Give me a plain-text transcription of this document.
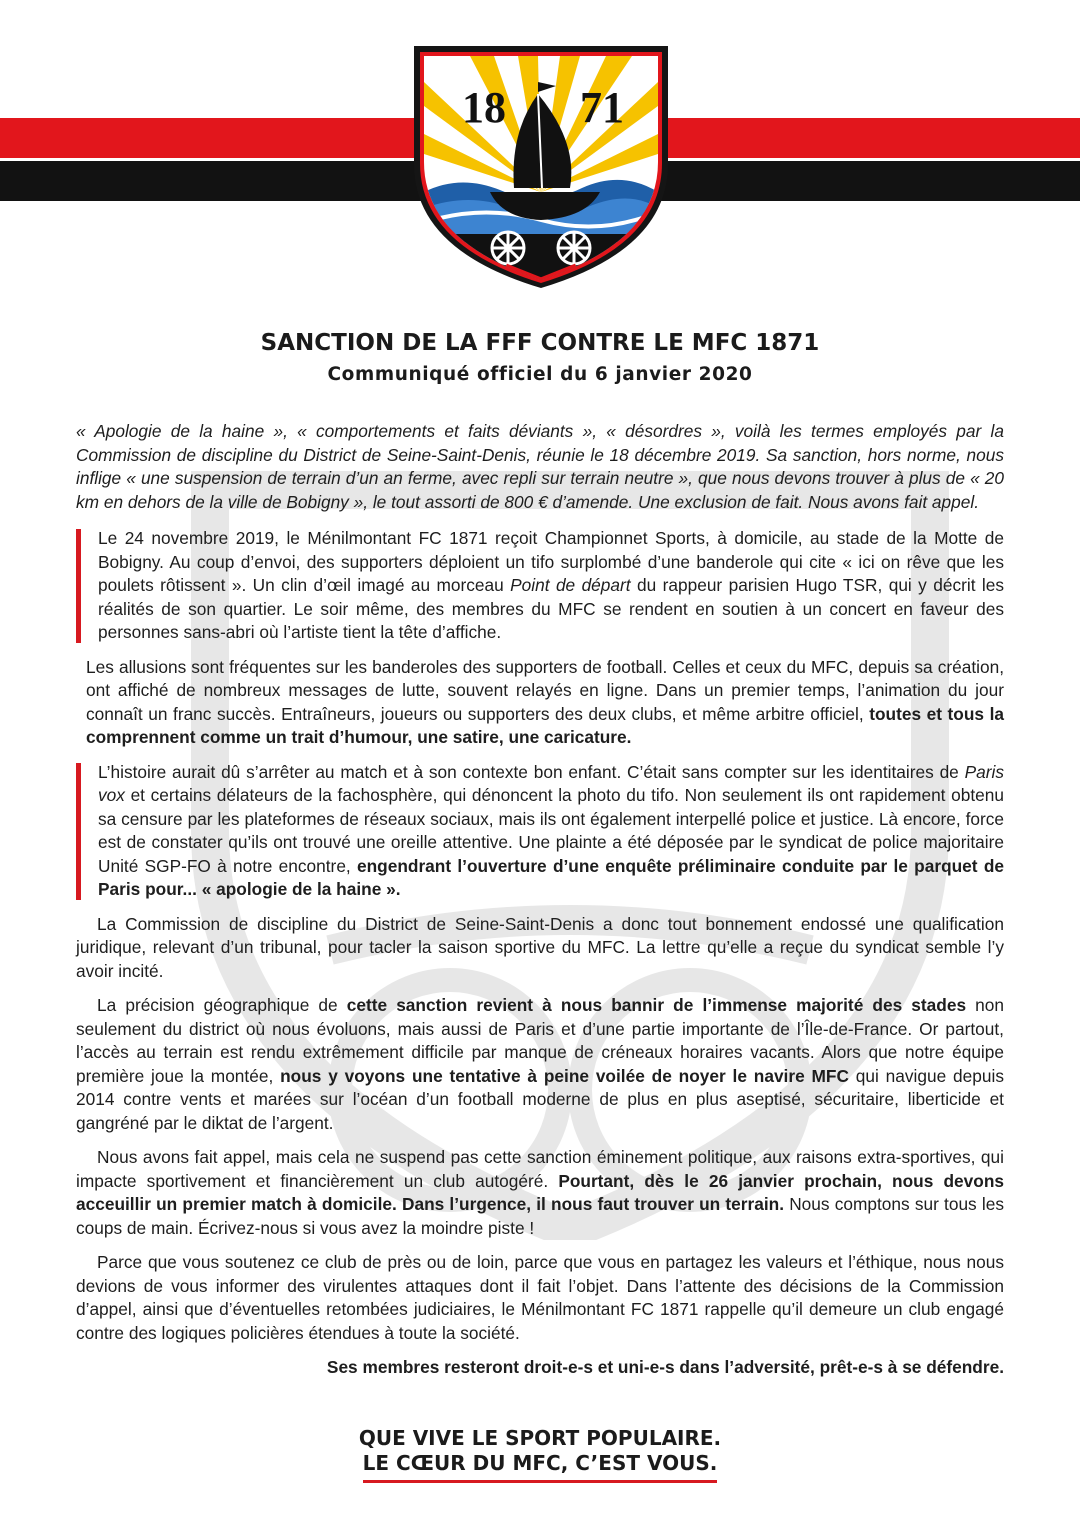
18 71
SANCTION DE LA FFF CONTRE LE MFC 1871
Communiqué officiel du 6 janvier 2020

« Apologie de la haine », « comportements et faits déviants », « désordres », voilà les termes employés par la Commission de discipline du District de Seine-Saint-Denis, réunie le 18 décembre 2019. Sa sanction, hors norme, nous inflige « une suspension de terrain d’un an ferme, avec repli sur terrain neutre », que nous devons trouver à plus de « 20 km en dehors de la ville de Bobigny », le tout assorti de 800 € d’amende. Une exclusion de fait. Nous avons fait appel.

Le 24 novembre 2019, le Ménilmontant FC 1871 reçoit Championnet Sports, à domicile, au stade de la Motte de Bobigny. Au coup d’envoi, des supporters déploient un tifo surplombé d’une banderole qui cite « ici on rêve que les poulets rôtissent ». Un clin d’œil imagé au morceau Point de départ du rappeur parisien Hugo TSR, qui y décrit les réalités de son quartier. Le soir même, des membres du MFC se rendent en soutien à un concert en faveur des personnes sans-abri où l’artiste tient la tête d’affiche.

Les allusions sont fréquentes sur les banderoles des supporters de football. Celles et ceux du MFC, depuis sa création, ont affiché de nombreux messages de lutte, souvent relayés en ligne. Dans un premier temps, l’animation du jour connaît un franc succès. Entraîneurs, joueurs ou supporters des deux clubs, et même arbitre officiel, toutes et tous la comprennent comme un trait d’humour, une satire, une caricature.

L’histoire aurait dû s’arrêter au match et à son contexte bon enfant. C’était sans compter sur les identitaires de Paris vox et certains délateurs de la fachosphère, qui dénoncent la photo du tifo. Non seulement ils ont rapidement obtenu sa censure par les plateformes de réseaux sociaux, mais ils ont également interpellé police et justice. Là encore, force est de constater qu’ils ont trouvé une oreille attentive. Une plainte a été déposée par le syndicat de police majoritaire Unité SGP-FO à notre encontre, engendrant l’ouverture d’une enquête préliminaire conduite par le parquet de Paris pour... « apologie de la haine ».

La Commission de discipline du District de Seine-Saint-Denis a donc tout bonnement endossé une qualification juridique, relevant d’un tribunal, pour tacler la saison sportive du MFC. La lettre qu’elle a reçue du syndicat semble l’y avoir incité.

La précision géographique de cette sanction revient à nous bannir de l’immense majorité des stades non seulement du district où nous évoluons, mais aussi de Paris et d’une partie importante de l’Île-de-France. Or partout, l’accès au terrain est rendu extrêmement difficile par manque de créneaux horaires vacants. Alors que notre équipe première joue la montée, nous y voyons une tentative à peine voilée de noyer le navire MFC qui navigue depuis 2014 contre vents et marées sur l’océan d’un football moderne de plus en plus aseptisé, sécuritaire, liberticide et gangréné par le diktat de l’argent.

Nous avons fait appel, mais cela ne suspend pas cette sanction éminement politique, aux raisons extra-sportives, qui impacte sportivement et financièrement un club autogéré. Pourtant, dès le 26 janvier prochain, nous devons acceuillir un premier match à domicile. Dans l’urgence, il nous faut trouver un terrain. Nous comptons sur tous les coups de main. Écrivez-nous si vous avez la moindre piste !

Parce que vous soutenez ce club de près ou de loin, parce que vous en partagez les valeurs et l’éthique, nous nous devions de vous informer des virulentes attaques dont il fait l’objet. Dans l’attente des décisions de la Commission d’appel, ainsi que d’éventuelles retombées judiciaires, le Ménilmontant FC 1871 rappelle qu’il demeure un club engagé contre des logiques policières étendues à toute la société.

Ses membres resteront droit-e-s et uni-e-s dans l’adversité, prêt-e-s à se défendre.

QUE VIVE LE SPORT POPULAIRE.
LE CŒUR DU MFC, C’EST VOUS.
